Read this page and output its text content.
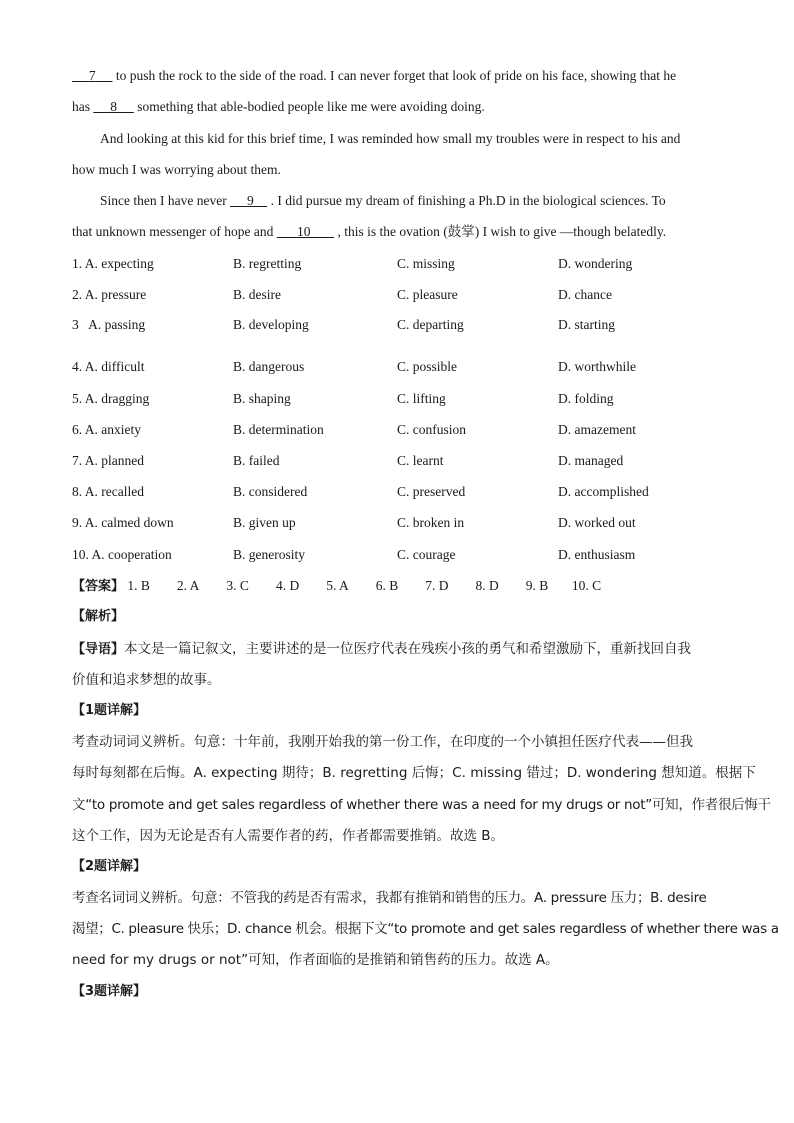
7      to push the rock to the side of the road. I can never forget that look of pride on his face, showing that he
has      8      something that able-bodied people like me were avoiding doing.
And looking at this kid for this brief time, I was reminded how small my troubles were in respect to his and
how much I was worrying about them.
Since then I have never      9     . I did pursue my dream of finishing a Ph.D in the biological sciences. To
that unknown messenger of hope and       10        , this is the ovation (鼓掌) I wish to give —though belatedly.
1. A. expecting	B. regretting	C. missing	D. wondering
2. A. pressure	B. desire	C. pleasure	D. chance
3   A. passing	B. developing	C. departing	D. starting
4. A. difficult	B. dangerous	C. possible	D. worthwhile
5. A. dragging	B. shaping	C. lifting	D. folding
6. A. anxiety	B. determination	C. confusion	D. amazement
7. A. planned	B. failed	C. learnt	D. managed
8. A. recalled	B. considered	C. preserved	D. accomplished
9. A. calmed down	B. given up	C. broken in	D. worked out
10. A. cooperation	B. generosity	C. courage	D. enthusiasm
【答案】 1. B 2. A 3. C 4. D 5. A 6. B 7. D 8. D 9. B 10. C
【解析】
【导语】本文是一篇记叙文，主要讲述的是一位医疗代表在残疾小孩的勇气和希望激励下，重新找回自我
价值和追求梦想的故事。
【1题详解】
考查动词词义辨析。句意：十年前，我刚开始我的第一份工作，在印度的一个小镇担任医疗代表——但我
每时每刻都在后悔。A. expecting 期待；B. regretting 后悔；C. missing 错过；D. wondering 想知道。根据下
文“to promote and get sales regardless of whether there was a need for my drugs or not”可知，作者很后悔干
这个工作，因为无论是否有人需要作者的药，作者都需要推销。故选 B。
【2题详解】
考查名词词义辨析。句意：不管我的药是否有需求，我都有推销和销售的压力。A. pressure 压力；B. desire
渴望；C. pleasure 快乐；D. chance 机会。根据下文“to promote and get sales regardless of whether there was a
need for my drugs or not”可知，作者面临的是推销和销售药的压力。故选 A。
【3题详解】
